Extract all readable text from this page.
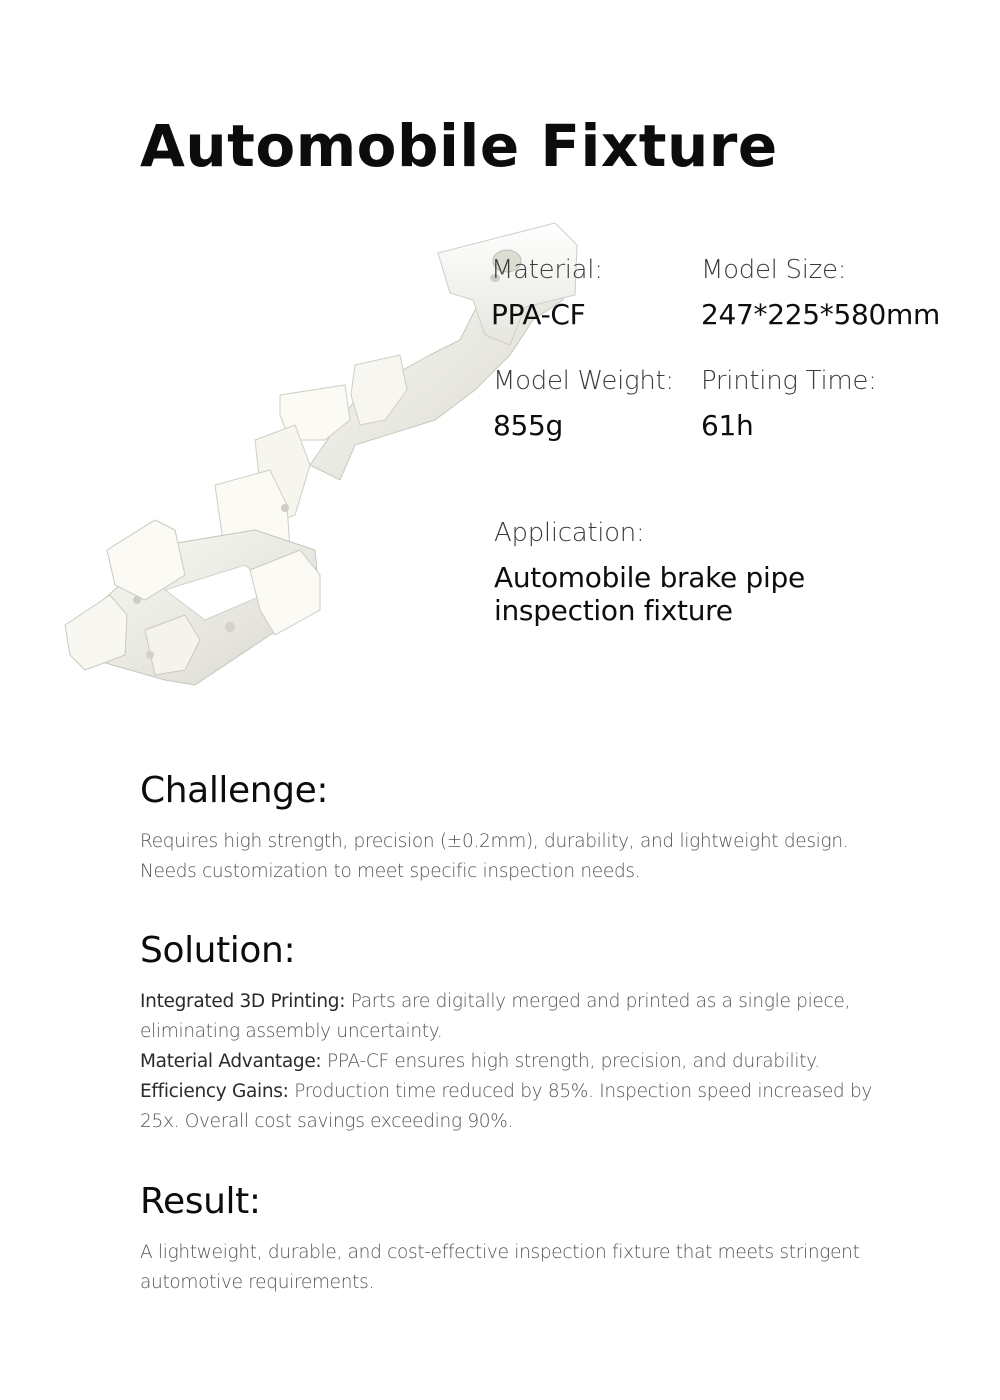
Automobile Fixture
Material:
PPA-CF
Model Size:
247*225*580mm
Model Weight:
855g
Printing Time:
61h
Application:
Automobile brake pipe inspection fixture
Challenge:

Requires high strength, precision (±0.2mm), durability, and lightweight design.

Needs customization to meet specific inspection needs.

Solution:

Integrated 3D Printing: Parts are digitally merged and printed as a single piece, eliminating assembly uncertainty.

Material Advantage: PPA-CF ensures high strength, precision, and durability.

Efficiency Gains: Production time reduced by 85%. Inspection speed increased by 25x. Overall cost savings exceeding 90%.

Result:

A lightweight, durable, and cost-effective inspection fixture that meets stringent automotive requirements.
